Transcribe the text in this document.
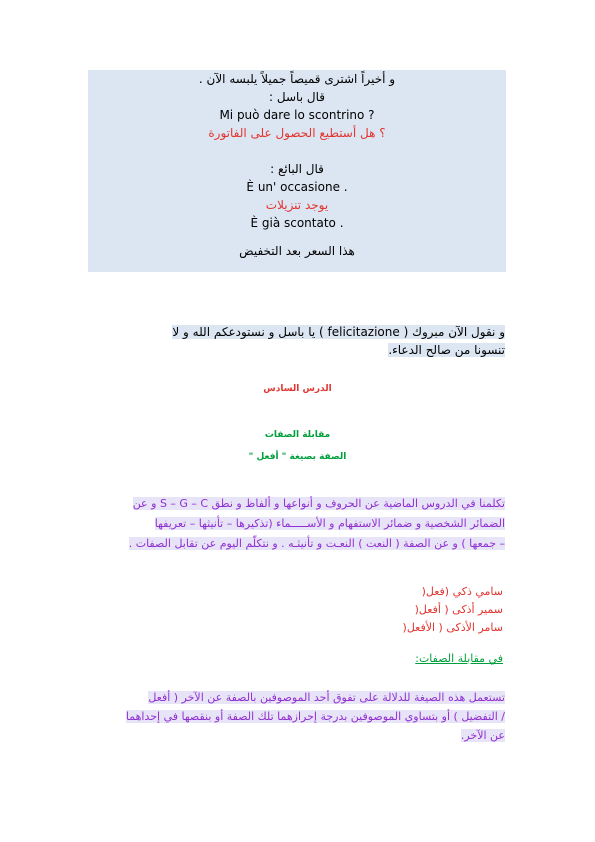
. و أخيراً اشترى قميصاً جميلاً يلبسه الآن
: قال باسل
Mi può dare lo scontrino ?
؟ هل أستطيع الحصول على الفاتورة
: قال البائع
È un' occasione .
يوجد تنزيلات
È già scontato .
هذا السعر بعد التخفيض
و نقول الآن مبروك ( felicitazione ) يا باسل و نستودعكم الله و لا
تنسونا من صالح الدعاء.
الدرس السادس
مقابلة الصفات
" الصفة بصيغة " أفعل
تكلمنا في الدروس الماضية عن الحروف و أنواعها و ألفاظ و نطق S – G – C و عن
الضمائر الشخصية و ضمائر الاستفهام و الأســـــماء (تذكيرها – تأنيثها – تعريفها
– جمعها ) و عن الصفة ( النعت ) النعـت و تأنيثـه . و نتكلّم اليوم عن تقابل الصفات .
سامي ذكي (فعل(
سمير أذكى ( أفعل(
سامر الأذكى ( الأفعل(
في مقابلة الصفات:
تستعمل هذه الصيغة للدلالة على تفوق أحد الموصوفين بالصفة عن الآخر ( أفعل
/ التفضيل ) أو بتساوي الموصوفين بدرجة إحرازهما تلك الصفة أو بنقصها في إحداهما
عن الآخر.
